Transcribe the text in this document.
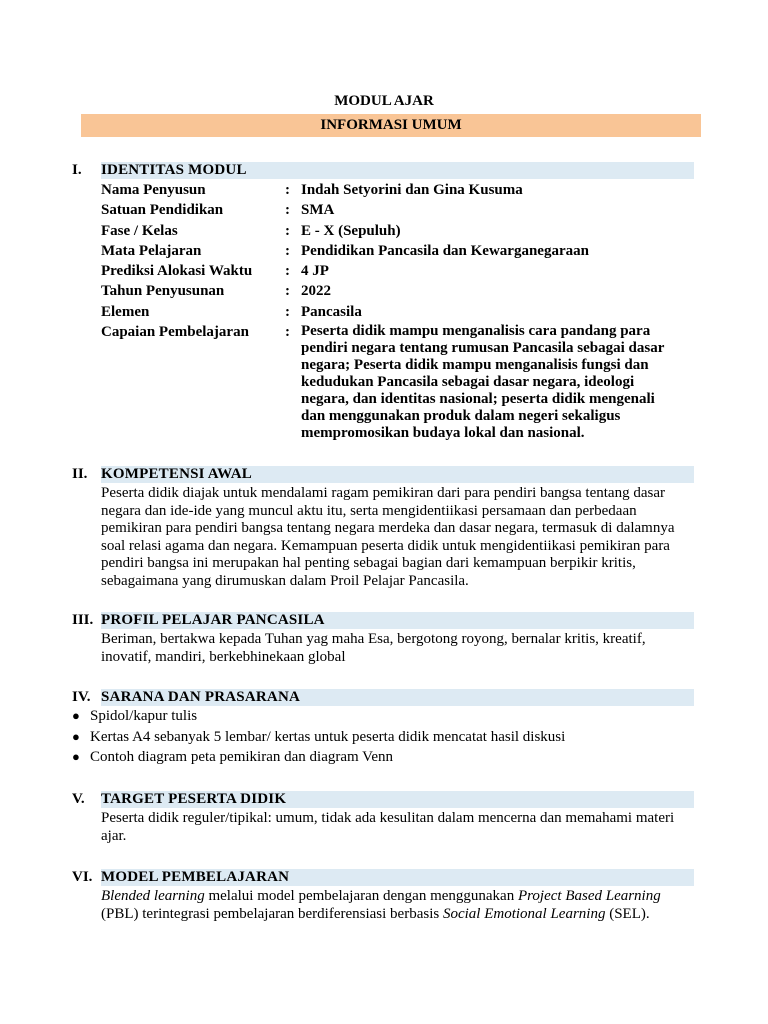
MODUL AJAR
INFORMASI UMUM
I. IDENTITAS MODUL
Nama Penyusun	: Indah Setyorini dan Gina Kusuma
Satuan Pendidikan	: SMA
Fase / Kelas	: E - X (Sepuluh)
Mata Pelajaran	: Pendidikan Pancasila dan Kewarganegaraan
Prediksi Alokasi Waktu	: 4 JP
Tahun Penyusunan	: 2022
Elemen	: Pancasila
Capaian Pembelajaran	: Peserta didik mampu menganalisis cara pandang para pendiri negara tentang rumusan Pancasila sebagai dasar negara; Peserta didik mampu menganalisis fungsi dan kedudukan Pancasila sebagai dasar negara, ideologi negara, dan identitas nasional; peserta didik mengenali dan menggunakan produk dalam negeri sekaligus mempromosikan budaya lokal dan nasional.
II. KOMPETENSI AWAL
Peserta didik diajak untuk mendalami ragam pemikiran dari para pendiri bangsa tentang dasar negara dan ide-ide yang muncul aktu itu, serta mengidentiikasi persamaan dan perbedaan pemikiran para pendiri bangsa tentang negara merdeka dan dasar negara, termasuk di dalamnya soal relasi agama dan negara. Kemampuan peserta didik untuk mengidentiikasi pemikiran para pendiri bangsa ini merupakan hal penting sebagai bagian dari kemampuan berpikir kritis, sebagaimana yang dirumuskan dalam Proil Pelajar Pancasila.
III. PROFIL PELAJAR PANCASILA
Beriman, bertakwa kepada Tuhan yag maha Esa, bergotong royong, bernalar kritis, kreatif, inovatif, mandiri, berkebhinekaan global
IV. SARANA DAN PRASARANA
● Spidol/kapur tulis
● Kertas A4 sebanyak 5 lembar/ kertas untuk peserta didik mencatat hasil diskusi
● Contoh diagram peta pemikiran dan diagram Venn
V. TARGET PESERTA DIDIK
Peserta didik reguler/tipikal: umum, tidak ada kesulitan dalam mencerna dan memahami materi ajar.
VI. MODEL PEMBELAJARAN
Blended learning melalui model pembelajaran dengan menggunakan Project Based Learning (PBL) terintegrasi pembelajaran berdiferensiasi berbasis Social Emotional Learning (SEL).
